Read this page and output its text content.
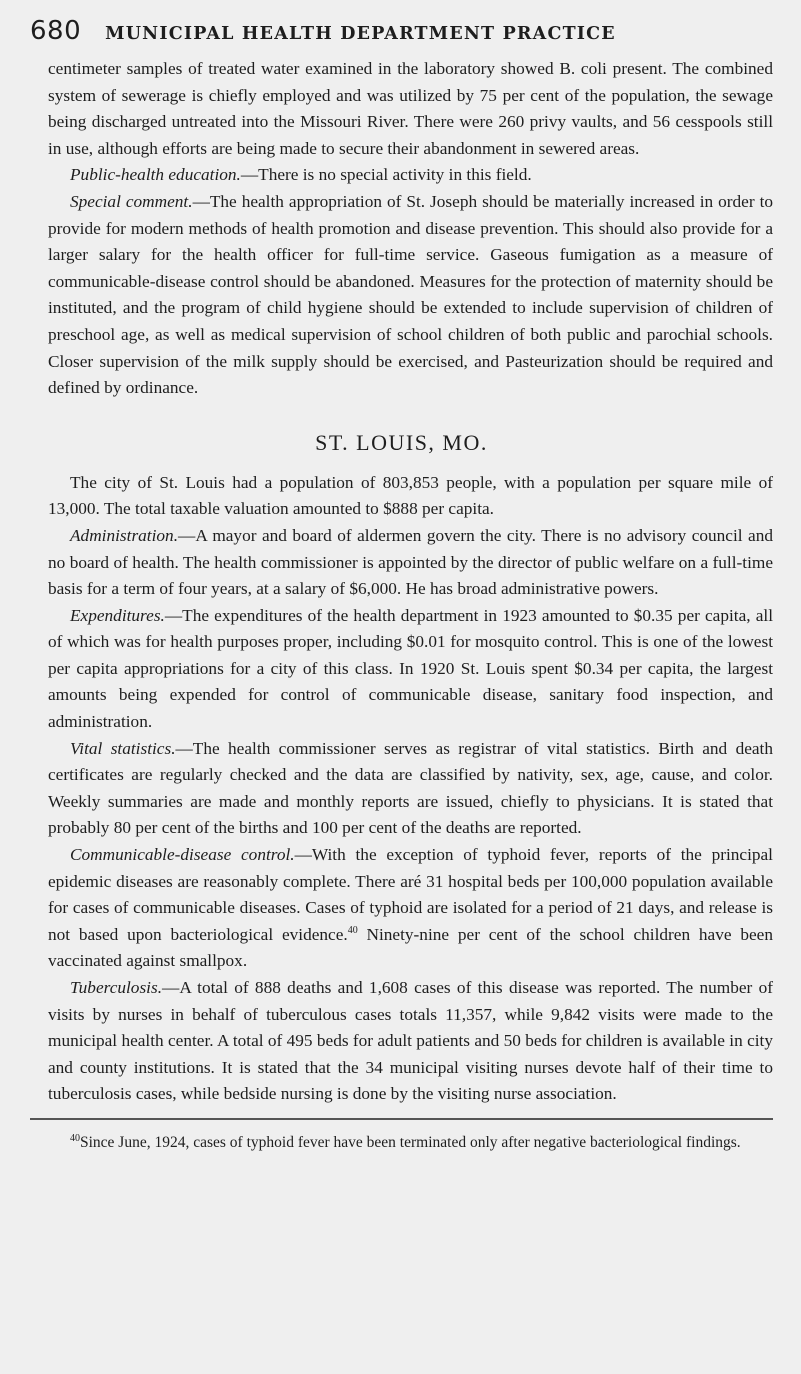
680 MUNICIPAL HEALTH DEPARTMENT PRACTICE

centimeter samples of treated water examined in the laboratory showed B. coli present. The combined system of sewerage is chiefly employed and was utilized by 75 per cent of the population, the sewage being discharged untreated into the Missouri River. There were 260 privy vaults, and 56 cesspools still in use, although efforts are being made to secure their abandonment in sewered areas.

Public-health education.—There is no special activity in this field.

Special comment.—The health appropriation of St. Joseph should be materially increased in order to provide for modern methods of health promotion and disease prevention. This should also provide for a larger salary for the health officer for full-time service. Gaseous fumigation as a measure of communicable-disease control should be abandoned. Measures for the protection of maternity should be instituted, and the program of child hygiene should be extended to include supervision of children of preschool age, as well as medical supervision of school children of both public and parochial schools. Closer supervision of the milk supply should be exercised, and Pasteurization should be required and defined by ordinance.

ST. LOUIS, MO.

The city of St. Louis had a population of 803,853 people, with a population per square mile of 13,000. The total taxable valuation amounted to $888 per capita.

Administration.—A mayor and board of aldermen govern the city. There is no advisory council and no board of health. The health commissioner is appointed by the director of public welfare on a full-time basis for a term of four years, at a salary of $6,000. He has broad administrative powers.

Expenditures.—The expenditures of the health department in 1923 amounted to $0.35 per capita, all of which was for health purposes proper, including $0.01 for mosquito control. This is one of the lowest per capita appropriations for a city of this class. In 1920 St. Louis spent $0.34 per capita, the largest amounts being expended for control of communicable disease, sanitary food inspection, and administration.

Vital statistics.—The health commissioner serves as registrar of vital statistics. Birth and death certificates are regularly checked and the data are classified by nativity, sex, age, cause, and color. Weekly summaries are made and monthly reports are issued, chiefly to physicians. It is stated that probably 80 per cent of the births and 100 per cent of the deaths are reported.

Communicable-disease control.—With the exception of typhoid fever, reports of the principal epidemic diseases are reasonably complete. There aré 31 hospital beds per 100,000 population available for cases of communicable diseases. Cases of typhoid are isolated for a period of 21 days, and release is not based upon bacteriological evidence.$^{40}$ Ninety-nine per cent of the school children have been vaccinated against smallpox.

Tuberculosis.—A total of 888 deaths and 1,608 cases of this disease was reported. The number of visits by nurses in behalf of tuberculous cases totals 11,357, while 9,842 visits were made to the municipal health center. A total of 495 beds for adult patients and 50 beds for children is available in city and county institutions. It is stated that the 34 municipal visiting nurses devote half of their time to tuberculosis cases, while bedside nursing is done by the visiting nurse association.

$^{40}$Since June, 1924, cases of typhoid fever have been terminated only after negative bacteriological findings.
